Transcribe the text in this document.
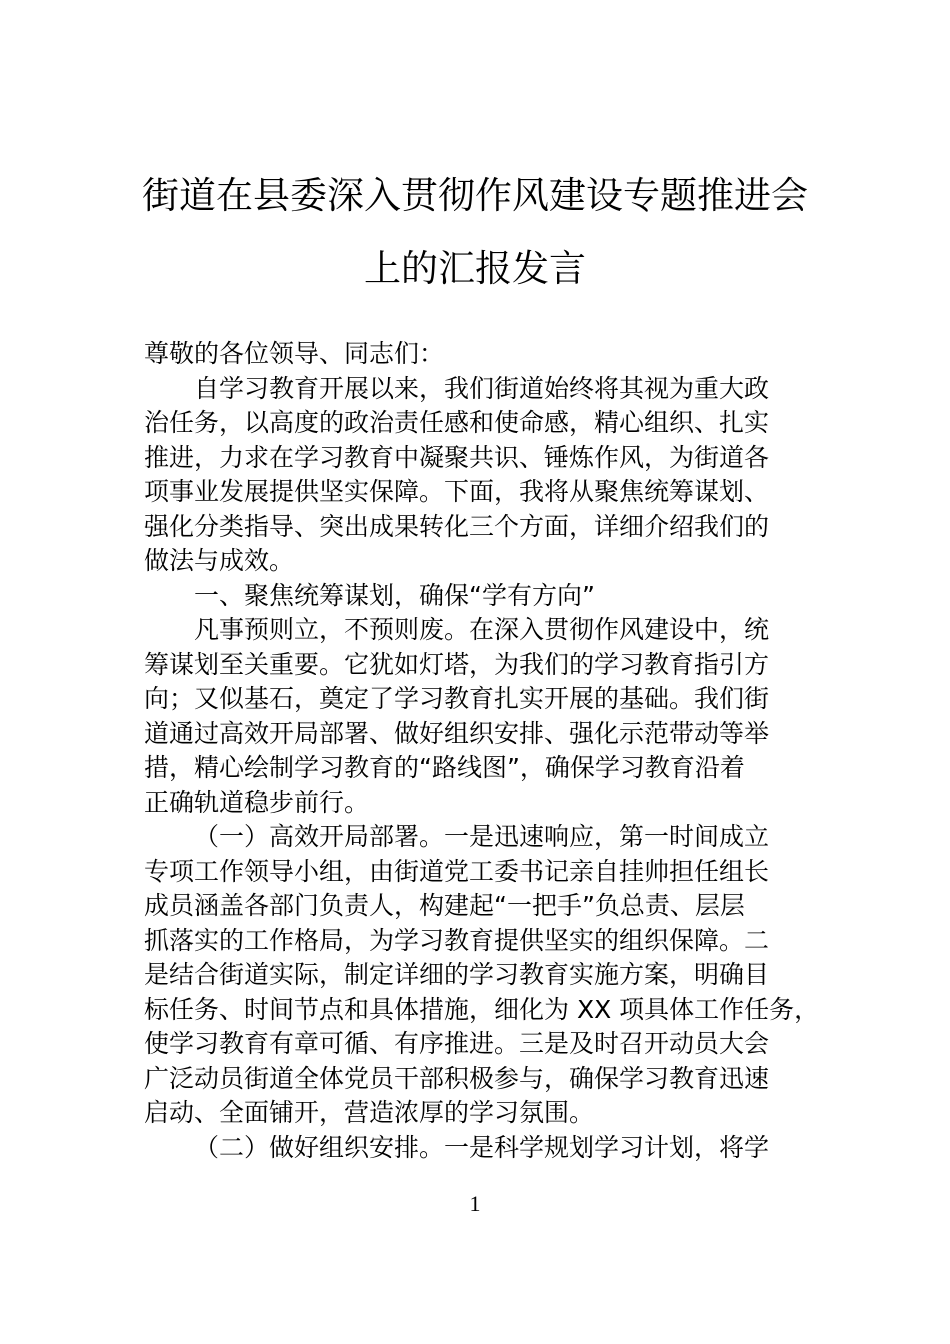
街道在县委深入贯彻作风建设专题推进会
上的汇报发言
尊敬的各位领导、同志们：
自学习教育开展以来，我们街道始终将其视为重大政
治任务，以高度的政治责任感和使命感，精心组织、扎实
推进，力求在学习教育中凝聚共识、锤炼作风，为街道各
项事业发展提供坚实保障。下面，我将从聚焦统筹谋划、
强化分类指导、突出成果转化三个方面，详细介绍我们的
做法与成效。
一、聚焦统筹谋划，确保“学有方向”
凡事预则立，不预则废。在深入贯彻作风建设中，统
筹谋划至关重要。它犹如灯塔，为我们的学习教育指引方
向；又似基石，奠定了学习教育扎实开展的基础。我们街
道通过高效开局部署、做好组织安排、强化示范带动等举
措，精心绘制学习教育的“路线图”，确保学习教育沿着
正确轨道稳步前行。
（一）高效开局部署。一是迅速响应，第一时间成立
专项工作领导小组，由街道党工委书记亲自挂帅担任组长
成员涵盖各部门负责人，构建起“一把手”负总责、层层
抓落实的工作格局，为学习教育提供坚实的组织保障。二
是结合街道实际，制定详细的学习教育实施方案，明确目
标任务、时间节点和具体措施，细化为 XX 项具体工作任务，
使学习教育有章可循、有序推进。三是及时召开动员大会
广泛动员街道全体党员干部积极参与，确保学习教育迅速
启动、全面铺开，营造浓厚的学习氛围。
（二）做好组织安排。一是科学规划学习计划，将学
1
